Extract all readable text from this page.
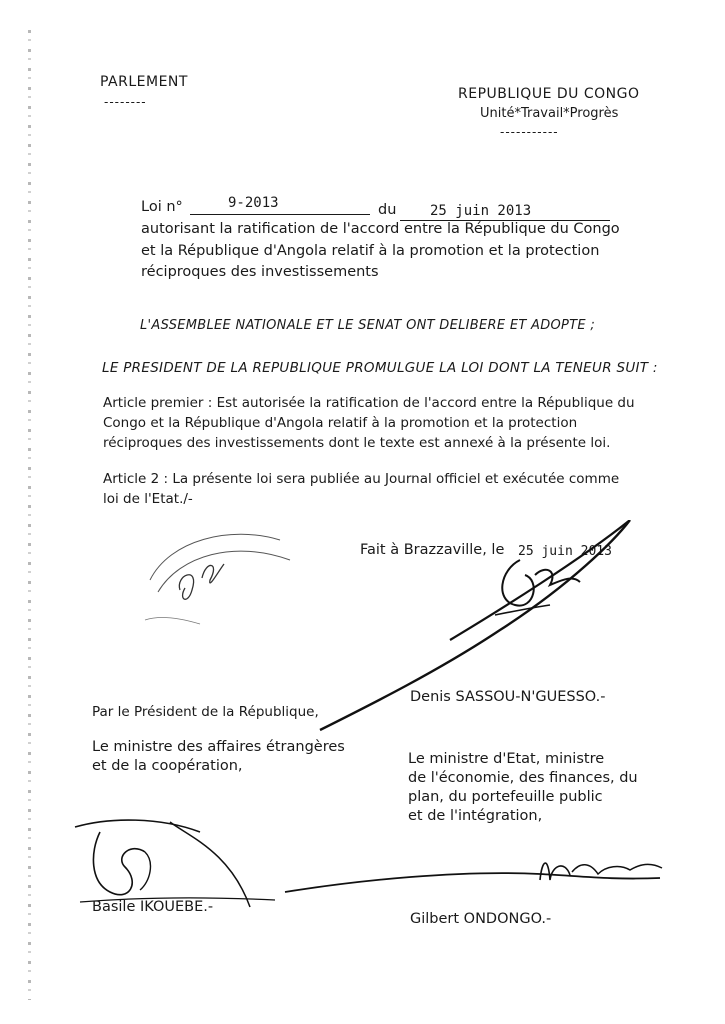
PARLEMENT
--------	REPUBLIQUE DU CONGO
Unité*Travail*Progrès
-----------
Loi n°	9-2013	du 25 juin 2013
autorisant la ratification de l'accord entre la République du Congo
et la République d'Angola relatif à la promotion et la protection
réciproques des investissements
L'ASSEMBLEE NATIONALE ET LE SENAT ONT DELIBERE ET ADOPTE ;
LE PRESIDENT DE LA REPUBLIQUE PROMULGUE LA LOI DONT LA TENEUR SUIT :
Article premier : Est autorisée la ratification de l'accord entre la République du
Congo et la République d'Angola relatif à la promotion et la protection
réciproques des investissements dont le texte est annexé à la présente loi.
Article 2 : La présente loi sera publiée au Journal officiel et exécutée comme
loi de l'Etat./-
Fait à Brazzaville, le 25 juin 2013
Denis SASSOU-N'GUESSO.-
Par le Président de la République,
Le ministre des affaires étrangères
et de la coopération,	Le ministre d'Etat, ministre
de l'économie, des finances, du
plan, du portefeuille public
et de l'intégration,
Basile IKOUEBE.-
Gilbert ONDONGO.-
